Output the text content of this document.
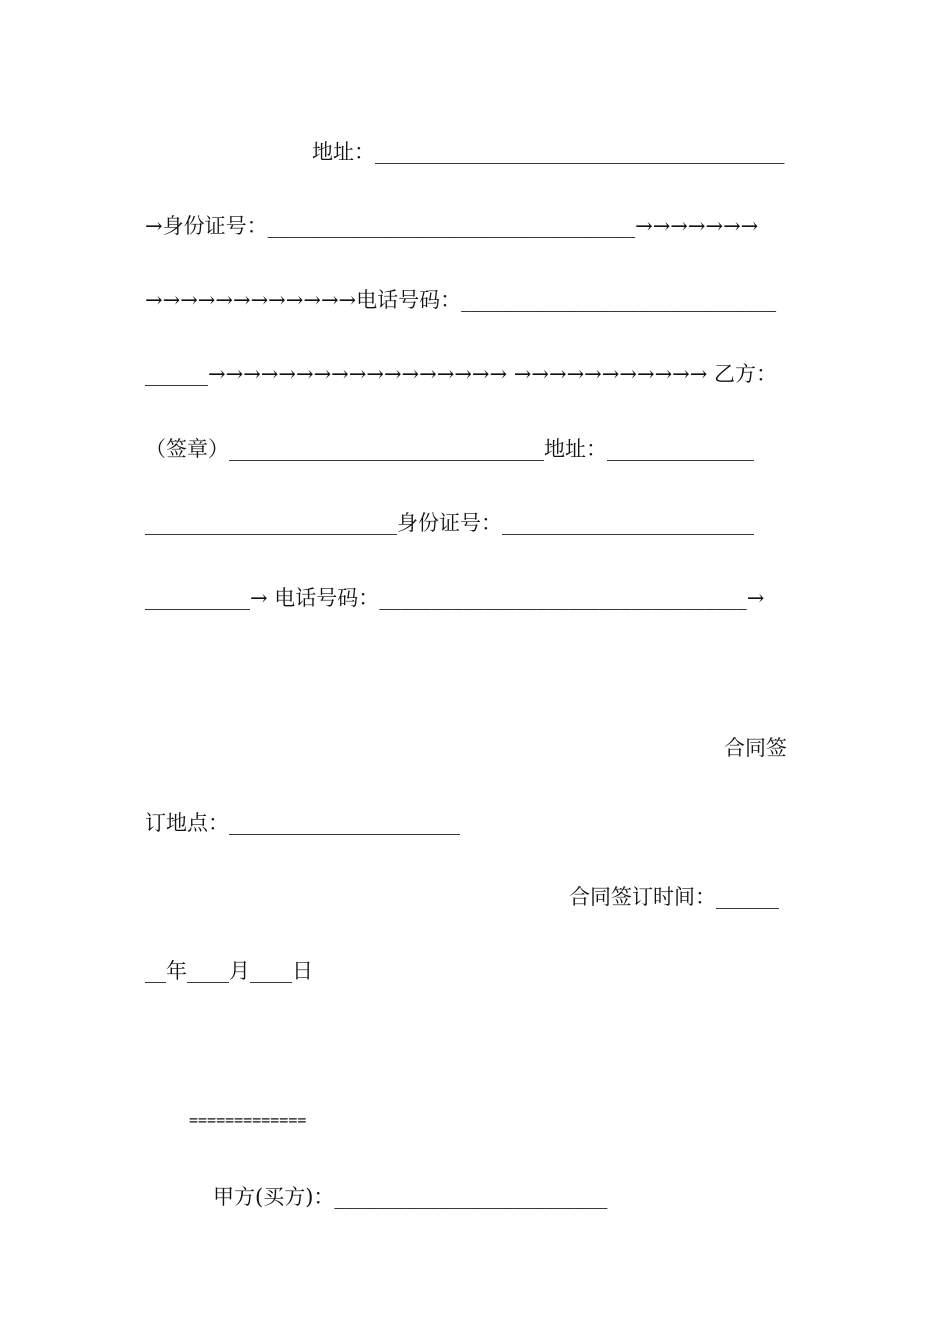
地址：_______________________________________
→身份证号：___________________________________→→→→→→→
→→→→→→→→→→→→电话号码：______________________________
______→→→→→→→→→→→→→→→→→ →→→→→→→→→→→ 乙方：
（签章）______________________________地址：______________
________________________身份证号：________________________
__________→ 电话号码：___________________________________→
合同签
订地点：______________________
合同签订时间：______
__年____月____日
=============
甲方(买方)：__________________________
